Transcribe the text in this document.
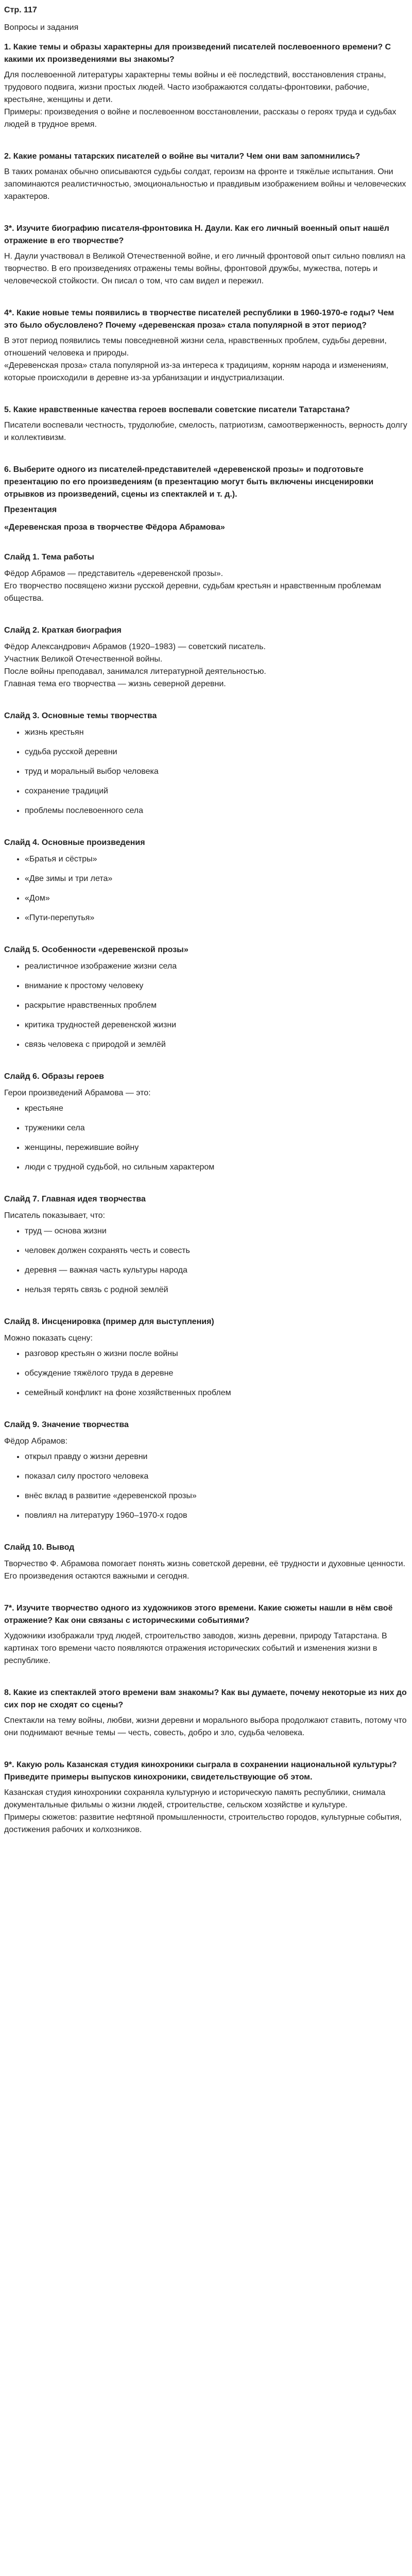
Стр. 117
Вопросы и задания
1. Какие темы и образы характерны для произведений писателей послевоенного времени? С какими их произведениями вы знакомы?
Для послевоенной литературы характерны темы войны и её последствий, восстановления страны, трудового подвига, жизни простых людей. Часто изображаются солдаты-фронтовики, рабочие, крестьяне, женщины и дети.
Примеры: произведения о войне и послевоенном восстановлении, рассказы о героях труда и судьбах людей в трудное время.
2. Какие романы татарских писателей о войне вы читали? Чем они вам запомнились?
В таких романах обычно описываются судьбы солдат, героизм на фронте и тяжёлые испытания. Они запоминаются реалистичностью, эмоциональностью и правдивым изображением войны и человеческих характеров.
3*. Изучите биографию писателя-фронтовика Н. Даули. Как его личный военный опыт нашёл отражение в его творчестве?
Н. Даули участвовал в Великой Отечественной войне, и его личный фронтовой опыт сильно повлиял на творчество. В его произведениях отражены темы войны, фронтовой дружбы, мужества, потерь и человеческой стойкости. Он писал о том, что сам видел и пережил.
4*. Какие новые темы появились в творчестве писателей республики в 1960-1970-е годы? Чем это было обусловлено? Почему «деревенская проза» стала популярной в этот период?
В этот период появились темы повседневной жизни села, нравственных проблем, судьбы деревни, отношений человека и природы.
«Деревенская проза» стала популярной из-за интереса к традициям, корням народа и изменениям, которые происходили в деревне из-за урбанизации и индустриализации.
5. Какие нравственные качества героев воспевали советские писатели Татарстана?
Писатели воспевали честность, трудолюбие, смелость, патриотизм, самоотверженность, верность долгу и коллективизм.
6. Выберите одного из писателей-представителей «деревенской прозы» и подготовьте презентацию по его произведениям (в презентацию могут быть включены инсценировки отрывков из произведений, сцены из спектаклей и т. д.).
Презентация
«Деревенская проза в творчестве Фёдора Абрамова»
Слайд 1. Тема работы
Фёдор Абрамов — представитель «деревенской прозы».
Его творчество посвящено жизни русской деревни, судьбам крестьян и нравственным проблемам общества.
Слайд 2. Краткая биография
Фёдор Александрович Абрамов (1920–1983) — советский писатель.
Участник Великой Отечественной войны.
После войны преподавал, занимался литературной деятельностью.
Главная тема его творчества — жизнь северной деревни.
Слайд 3. Основные темы творчества
• жизнь крестьян
• судьба русской деревни
• труд и моральный выбор человека
• сохранение традиций
• проблемы послевоенного села
Слайд 4. Основные произведения
• «Братья и сёстры»
• «Две зимы и три лета»
• «Дом»
• «Пути-перепутья»
Слайд 5. Особенности «деревенской прозы»
• реалистичное изображение жизни села
• внимание к простому человеку
• раскрытие нравственных проблем
• критика трудностей деревенской жизни
• связь человека с природой и землёй
Слайд 6. Образы героев
Герои произведений Абрамова — это:
• крестьяне
• труженики села
• женщины, пережившие войну
• люди с трудной судьбой, но сильным характером
Слайд 7. Главная идея творчества
Писатель показывает, что:
• труд — основа жизни
• человек должен сохранять честь и совесть
• деревня — важная часть культуры народа
• нельзя терять связь с родной землёй
Слайд 8. Инсценировка (пример для выступления)
Можно показать сцену:
• разговор крестьян о жизни после войны
• обсуждение тяжёлого труда в деревне
• семейный конфликт на фоне хозяйственных проблем
Слайд 9. Значение творчества
Фёдор Абрамов:
• открыл правду о жизни деревни
• показал силу простого человека
• внёс вклад в развитие «деревенской прозы»
• повлиял на литературу 1960–1970-х годов
Слайд 10. Вывод
Творчество Ф. Абрамова помогает понять жизнь советской деревни, её трудности и духовные ценности. Его произведения остаются важными и сегодня.
7*. Изучите творчество одного из художников этого времени. Какие сюжеты нашли в нём своё отражение? Как они связаны с историческими событиями?
Художники изображали труд людей, строительство заводов, жизнь деревни, природу Татарстана. В картинах того времени часто появляются отражения исторических событий и изменения жизни в республике.
8. Какие из спектаклей этого времени вам знакомы? Как вы думаете, почему некоторые из них до сих пор не сходят со сцены?
Спектакли на тему войны, любви, жизни деревни и морального выбора продолжают ставить, потому что они поднимают вечные темы — честь, совесть, добро и зло, судьба человека.
9*. Какую роль Казанская студия кинохроники сыграла в сохранении национальной культуры? Приведите примеры выпусков кинохроники, свидетельствующие об этом.
Казанская студия кинохроники сохраняла культурную и историческую память республики, снимала документальные фильмы о жизни людей, строительстве, сельском хозяйстве и культуре.
Примеры сюжетов: развитие нефтяной промышленности, строительство городов, культурные события, достижения рабочих и колхозников.
